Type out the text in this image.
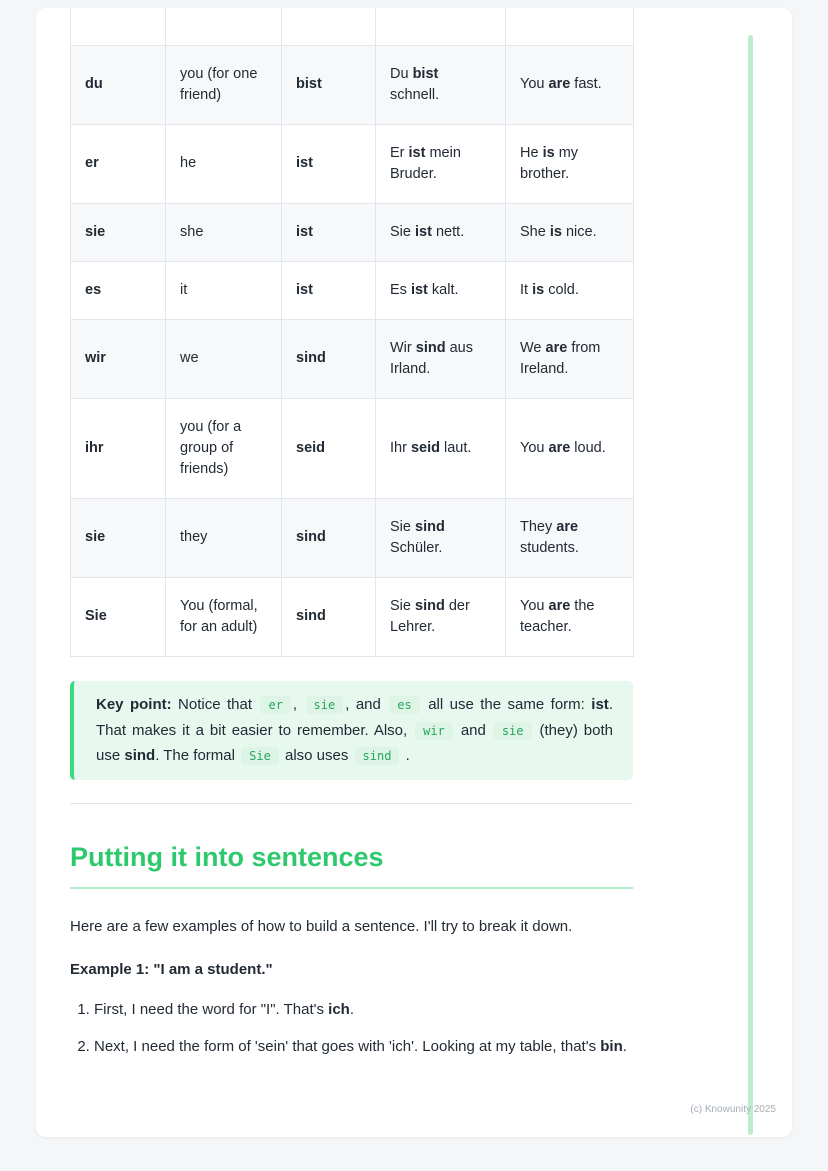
du	you (for one friend)	bist	Du bist schnell.	You are fast.
er	he	ist	Er ist mein Bruder.	He is my brother.
sie	she	ist	Sie ist nett.	She is nice.
es	it	ist	Es ist kalt.	It is cold.
wir	we	sind	Wir sind aus Irland.	We are from Ireland.
ihr	you (for a group of friends)	seid	Ihr seid laut.	You are loud.
sie	they	sind	Sie sind Schüler.	They are students.
Sie	You (formal, for an adult)	sind	Sie sind der Lehrer.	You are the teacher.

Key point: Notice that er , sie , and es all use the same form: ist. That makes it a bit easier to remember. Also, wir and sie (they) both use sind. The formal Sie also uses sind .

Putting it into sentences

Here are a few examples of how to build a sentence. I'll try to break it down.

Example 1: "I am a student."

1. First, I need the word for "I". That's ich.
2. Next, I need the form of 'sein' that goes with 'ich'. Looking at my table, that's bin.
(c) Knowunity 2025
